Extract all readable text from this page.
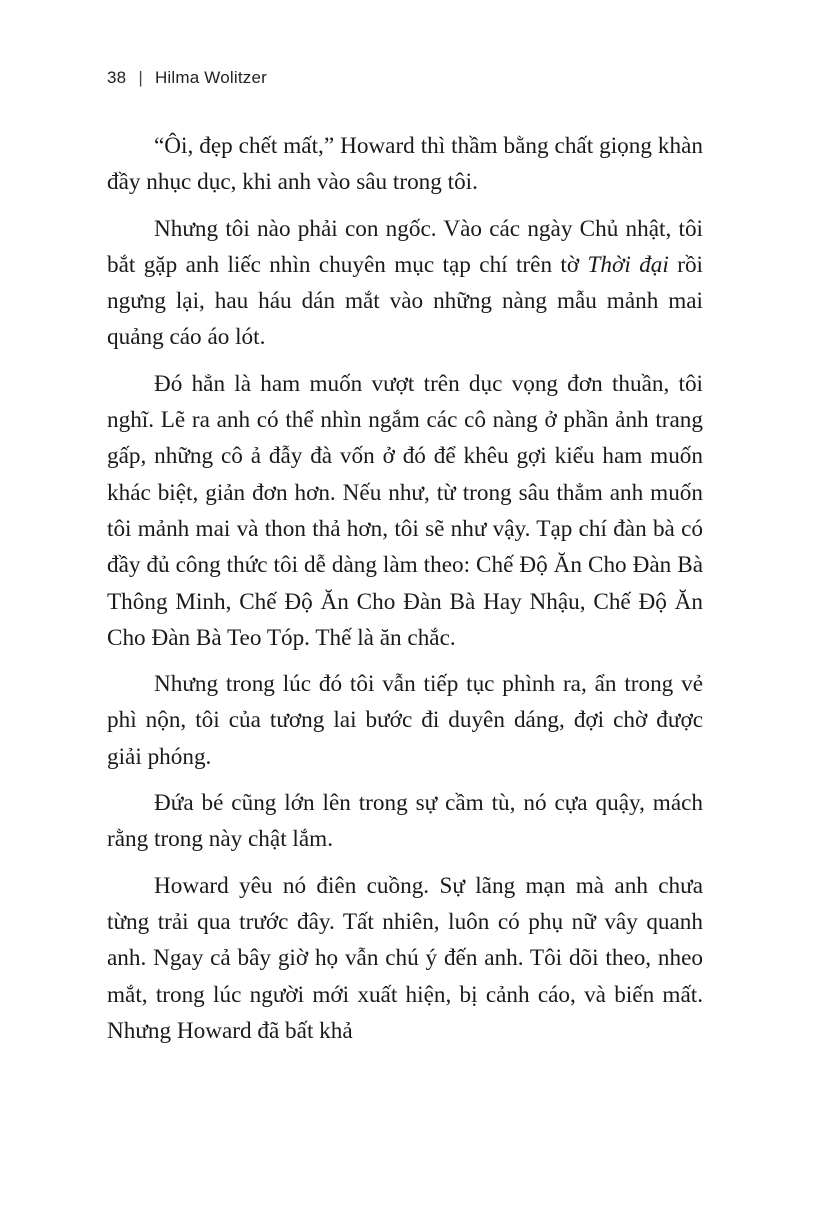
38 | Hilma Wolitzer

“Ôi, đẹp chết mất,” Howard thì thầm bằng chất giọng khàn đầy nhục dục, khi anh vào sâu trong tôi.

Nhưng tôi nào phải con ngốc. Vào các ngày Chủ nhật, tôi bắt gặp anh liếc nhìn chuyên mục tạp chí trên tờ Thời đại rồi ngưng lại, hau háu dán mắt vào những nàng mẫu mảnh mai quảng cáo áo lót.

Đó hẳn là ham muốn vượt trên dục vọng đơn thuần, tôi nghĩ. Lẽ ra anh có thể nhìn ngắm các cô nàng ở phần ảnh trang gấp, những cô ả đẫy đà vốn ở đó để khêu gợi kiểu ham muốn khác biệt, giản đơn hơn. Nếu như, từ trong sâu thẳm anh muốn tôi mảnh mai và thon thả hơn, tôi sẽ như vậy. Tạp chí đàn bà có đầy đủ công thức tôi dễ dàng làm theo: Chế Độ Ăn Cho Đàn Bà Thông Minh, Chế Độ Ăn Cho Đàn Bà Hay Nhậu, Chế Độ Ăn Cho Đàn Bà Teo Tóp. Thế là ăn chắc.

Nhưng trong lúc đó tôi vẫn tiếp tục phình ra, ẩn trong vẻ phì nộn, tôi của tương lai bước đi duyên dáng, đợi chờ được giải phóng.

Đứa bé cũng lớn lên trong sự cầm tù, nó cựa quậy, mách rằng trong này chật lắm.

Howard yêu nó điên cuồng. Sự lãng mạn mà anh chưa từng trải qua trước đây. Tất nhiên, luôn có phụ nữ vây quanh anh. Ngay cả bây giờ họ vẫn chú ý đến anh. Tôi dõi theo, nheo mắt, trong lúc người mới xuất hiện, bị cảnh cáo, và biến mất. Nhưng Howard đã bất khả
